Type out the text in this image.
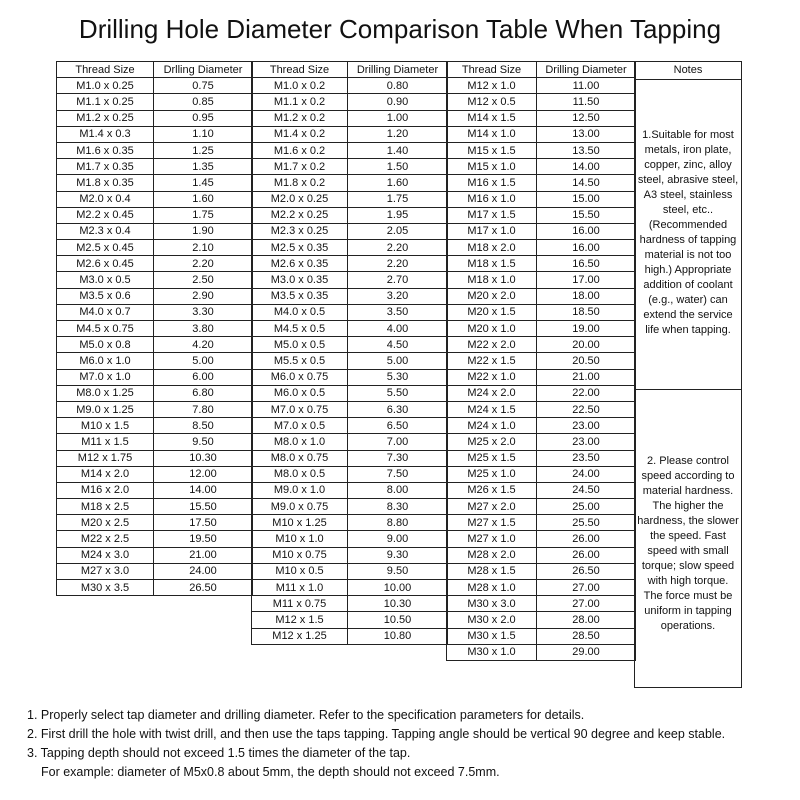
Drilling Hole Diameter Comparison Table When Tapping
Thread Size	Drlling Diameter
M1.0 x 0.25	0.75
M1.1 x 0.25	0.85
M1.2 x 0.25	0.95
M1.4 x 0.3	1.10
M1.6 x 0.35	1.25
M1.7 x 0.35	1.35
M1.8 x 0.35	1.45
M2.0 x 0.4	1.60
M2.2 x 0.45	1.75
M2.3 x 0.4	1.90
M2.5 x 0.45	2.10
M2.6 x 0.45	2.20
M3.0 x 0.5	2.50
M3.5 x 0.6	2.90
M4.0 x 0.7	3.30
M4.5 x 0.75	3.80
M5.0 x 0.8	4.20
M6.0 x 1.0	5.00
M7.0 x 1.0	6.00
M8.0 x 1.25	6.80
M9.0 x 1.25	7.80
M10 x 1.5	8.50
M11 x 1.5	9.50
M12 x 1.75	10.30
M14 x 2.0	12.00
M16 x 2.0	14.00
M18 x 2.5	15.50
M20 x 2.5	17.50
M22 x 2.5	19.50
M24 x 3.0	21.00
M27 x 3.0	24.00
M30 x 3.5	26.50
Thread Size	Drilling Diameter
M1.0 x 0.2	0.80
M1.1 x 0.2	0.90
M1.2 x 0.2	1.00
M1.4 x 0.2	1.20
M1.6 x 0.2	1.40
M1.7 x 0.2	1.50
M1.8 x 0.2	1.60
M2.0 x 0.25	1.75
M2.2 x 0.25	1.95
M2.3 x 0.25	2.05
M2.5 x 0.35	2.20
M2.6 x 0.35	2.20
M3.0 x 0.35	2.70
M3.5 x 0.35	3.20
M4.0 x 0.5	3.50
M4.5 x 0.5	4.00
M5.0 x 0.5	4.50
M5.5 x 0.5	5.00
M6.0 x 0.75	5.30
M6.0 x 0.5	5.50
M7.0 x 0.75	6.30
M7.0 x 0.5	6.50
M8.0 x 1.0	7.00
M8.0 x 0.75	7.30
M8.0 x 0.5	7.50
M9.0 x 1.0	8.00
M9.0 x 0.75	8.30
M10 x 1.25	8.80
M10 x 1.0	9.00
M10 x 0.75	9.30
M10 x 0.5	9.50
M11 x 1.0	10.00
M11 x 0.75	10.30
M12 x 1.5	10.50
M12 x 1.25	10.80
Thread Size	Drilling Diameter
M12 x 1.0	11.00
M12 x 0.5	11.50
M14 x 1.5	12.50
M14 x 1.0	13.00
M15 x 1.5	13.50
M15 x 1.0	14.00
M16 x 1.5	14.50
M16 x 1.0	15.00
M17 x 1.5	15.50
M17 x 1.0	16.00
M18 x 2.0	16.00
M18 x 1.5	16.50
M18 x 1.0	17.00
M20 x 2.0	18.00
M20 x 1.5	18.50
M20 x 1.0	19.00
M22 x 2.0	20.00
M22 x 1.5	20.50
M22 x 1.0	21.00
M24 x 2.0	22.00
M24 x 1.5	22.50
M24 x 1.0	23.00
M25 x 2.0	23.00
M25 x 1.5	23.50
M25 x 1.0	24.00
M26 x 1.5	24.50
M27 x 2.0	25.00
M27 x 1.5	25.50
M27 x 1.0	26.00
M28 x 2.0	26.00
M28 x 1.5	26.50
M28 x 1.0	27.00
M30 x 3.0	27.00
M30 x 2.0	28.00
M30 x 1.5	28.50
M30 x 1.0	29.00
Notes
1.Suitable for most metals, iron plate, copper, zinc, alloy steel, abrasive steel, A3 steel, stainless steel, etc..(Recommended hardness of tapping material is not too high.) Appropriate addition of coolant (e.g., water) can extend the service life when tapping.
2. Please control speed according to material hardness. The higher the hardness, the slower the speed. Fast speed with small torque; slow speed with high torque. The force must be uniform in tapping operations.

1. Properly select tap diameter and drilling diameter. Refer to the specification parameters for details.

2. First drill the hole with twist drill, and then use the taps tapping. Tapping angle should be vertical 90 degree and keep stable.

3. Tapping depth should not exceed 1.5 times the diameter of the tap.

For example: diameter of M5x0.8 about 5mm, the depth should not exceed 7.5mm.
